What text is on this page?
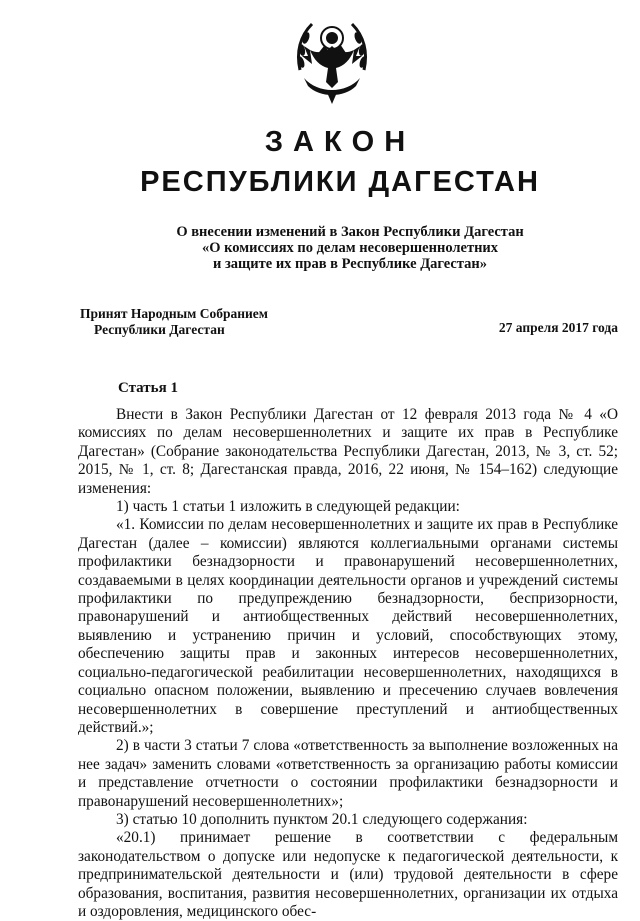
ЗАКОН
РЕСПУБЛИКИ ДАГЕСТАН
О внесении изменений в Закон Республики Дагестан
«О комиссиях по делам несовершеннолетних
и защите их прав в Республике Дагестан»
Принят Народным Собранием
Республики Дагестан	27 апреля 2017 года
Статья 1

Внести в Закон Республики Дагестан от 12 февраля 2013 года № 4 «О комиссиях по делам несовершеннолетних и защите их прав в Республике Дагестан» (Собрание законодательства Республики Дагестан, 2013, № 3, ст. 52; 2015, № 1, ст. 8; Дагестанская правда, 2016, 22 июня, № 154–162) следующие изменения:

1) часть 1 статьи 1 изложить в следующей редакции:

«1. Комиссии по делам несовершеннолетних и защите их прав в Республике Дагестан (далее – комиссии) являются коллегиальными органами системы профилактики безнадзорности и правонарушений несовершеннолетних, создаваемыми в целях координации деятельности органов и учреждений системы профилактики по предупреждению безнадзорности, беспризорности, правонарушений и антиобщественных действий несовершеннолетних, выявлению и устранению причин и условий, способствующих этому, обеспечению защиты прав и законных интересов несовершеннолетних, социально-педагогической реабилитации несовершеннолетних, находящихся в социально опасном положении, выявлению и пресечению случаев вовлечения несовершеннолетних в совершение преступлений и антиобщественных действий.»;

2) в части 3 статьи 7 слова «ответственность за выполнение возложенных на нее задач» заменить словами «ответственность за организацию работы комиссии и представление отчетности о состоянии профилактики безнадзорности и правонарушений несовершеннолетних»;

3) статью 10 дополнить пунктом 20.1 следующего содержания:

«20.1) принимает решение в соответствии с федеральным законодательством о допуске или недопуске к педагогической деятельности, к предпринимательской деятельности и (или) трудовой деятельности в сфере образования, воспитания, развития несовершеннолетних, организации их отдыха и оздоровления, медицинского обес-
